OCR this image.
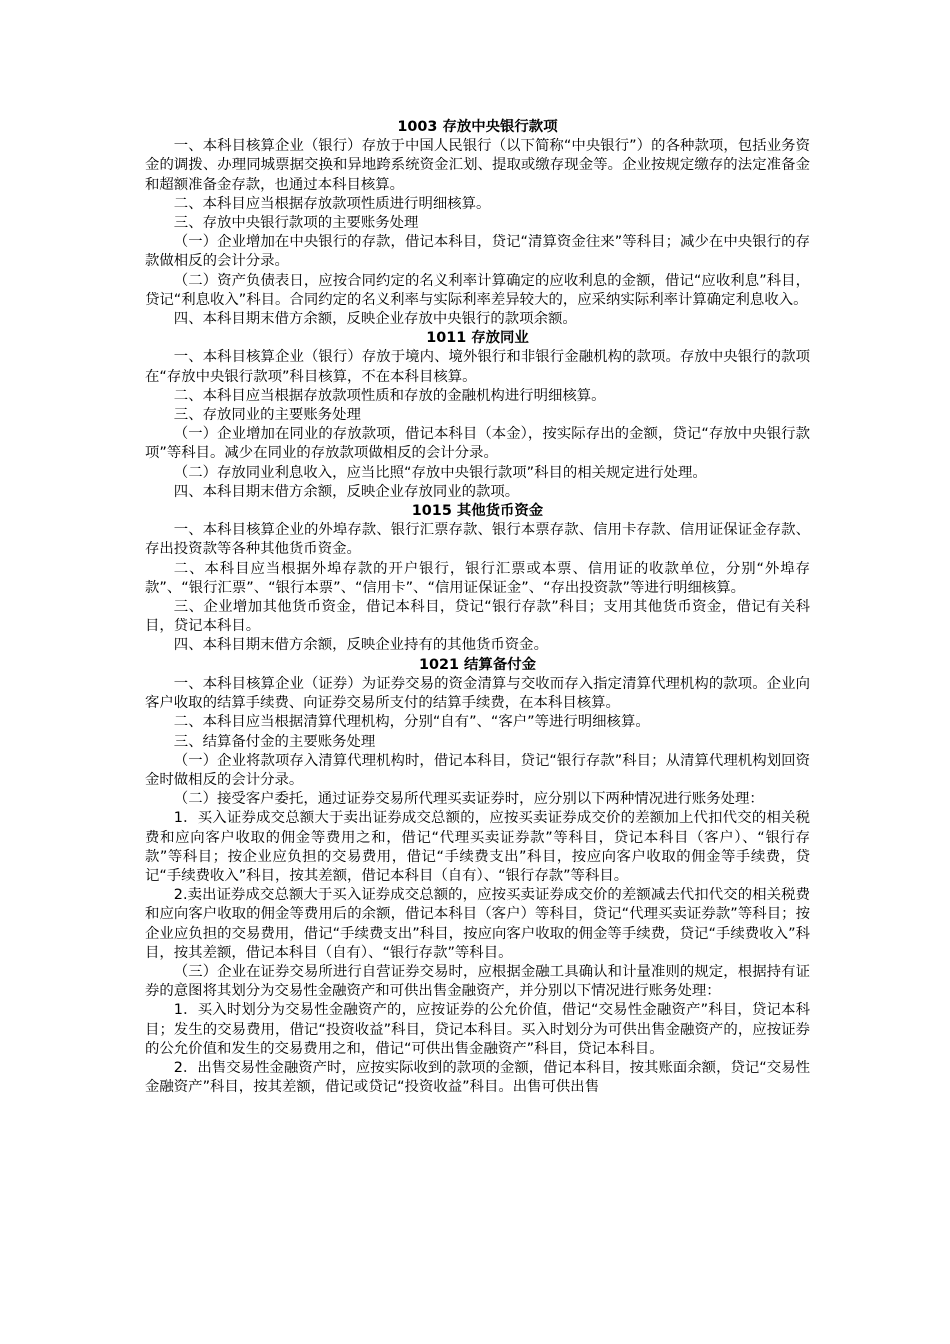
1003 存放中央银行款项

一、本科目核算企业（银行）存放于中国人民银行（以下简称“中央银行”）的各种款项，包括业务资金的调拨、办理同城票据交换和异地跨系统资金汇划、提取或缴存现金等。企业按规定缴存的法定准备金和超额准备金存款，也通过本科目核算。

二、本科目应当根据存放款项性质进行明细核算。

三、存放中央银行款项的主要账务处理

（一）企业增加在中央银行的存款，借记本科目，贷记“清算资金往来”等科目；减少在中央银行的存款做相反的会计分录。

（二）资产负债表日，应按合同约定的名义利率计算确定的应收利息的金额，借记“应收利息”科目，贷记“利息收入”科目。合同约定的名义利率与实际利率差异较大的，应采纳实际利率计算确定利息收入。

四、本科目期末借方余额，反映企业存放中央银行的款项余额。

1011 存放同业

一、本科目核算企业（银行）存放于境内、境外银行和非银行金融机构的款项。存放中央银行的款项在“存放中央银行款项”科目核算，不在本科目核算。

二、本科目应当根据存放款项性质和存放的金融机构进行明细核算。

三、存放同业的主要账务处理

（一）企业增加在同业的存放款项，借记本科目（本金），按实际存出的金额，贷记“存放中央银行款项”等科目。减少在同业的存放款项做相反的会计分录。

（二）存放同业利息收入，应当比照“存放中央银行款项”科目的相关规定进行处理。

四、本科目期末借方余额，反映企业存放同业的款项。

1015 其他货币资金

一、本科目核算企业的外埠存款、银行汇票存款、银行本票存款、信用卡存款、信用证保证金存款、存出投资款等各种其他货币资金。

二、本科目应当根据外埠存款的开户银行，银行汇票或本票、信用证的收款单位，分别“外埠存款”、“银行汇票”、“银行本票”、“信用卡”、“信用证保证金”、“存出投资款”等进行明细核算。

三、企业增加其他货币资金，借记本科目，贷记“银行存款”科目；支用其他货币资金，借记有关科目，贷记本科目。

四、本科目期末借方余额，反映企业持有的其他货币资金。

1021 结算备付金

一、本科目核算企业（证券）为证券交易的资金清算与交收而存入指定清算代理机构的款项。企业向客户收取的结算手续费、向证券交易所支付的结算手续费，在本科目核算。

二、本科目应当根据清算代理机构，分别“自有”、“客户”等进行明细核算。

三、结算备付金的主要账务处理

（一）企业将款项存入清算代理机构时，借记本科目，贷记“银行存款”科目；从清算代理机构划回资金时做相反的会计分录。

（二）接受客户委托，通过证券交易所代理买卖证券时，应分别以下两种情况进行账务处理：

1．买入证券成交总额大于卖出证券成交总额的，应按买卖证券成交价的差额加上代扣代交的相关税费和应向客户收取的佣金等费用之和，借记“代理买卖证券款”等科目，贷记本科目（客户）、“银行存款”等科目；按企业应负担的交易费用，借记“手续费支出”科目，按应向客户收取的佣金等手续费，贷记“手续费收入”科目，按其差额，借记本科目（自有）、“银行存款”等科目。

2.卖出证券成交总额大于买入证券成交总额的，应按买卖证券成交价的差额减去代扣代交的相关税费和应向客户收取的佣金等费用后的余额，借记本科目（客户）等科目，贷记“代理买卖证券款”等科目；按企业应负担的交易费用，借记“手续费支出”科目，按应向客户收取的佣金等手续费，贷记“手续费收入”科目，按其差额，借记本科目（自有）、“银行存款”等科目。

（三）企业在证券交易所进行自营证券交易时，应根据金融工具确认和计量准则的规定，根据持有证券的意图将其划分为交易性金融资产和可供出售金融资产，并分别以下情况进行账务处理：

1．买入时划分为交易性金融资产的，应按证券的公允价值，借记“交易性金融资产”科目，贷记本科目；发生的交易费用，借记“投资收益”科目，贷记本科目。买入时划分为可供出售金融资产的，应按证券的公允价值和发生的交易费用之和，借记“可供出售金融资产”科目，贷记本科目。

2．出售交易性金融资产时，应按实际收到的款项的金额，借记本科目，按其账面余额，贷记“交易性金融资产”科目，按其差额，借记或贷记“投资收益”科目。出售可供出售
